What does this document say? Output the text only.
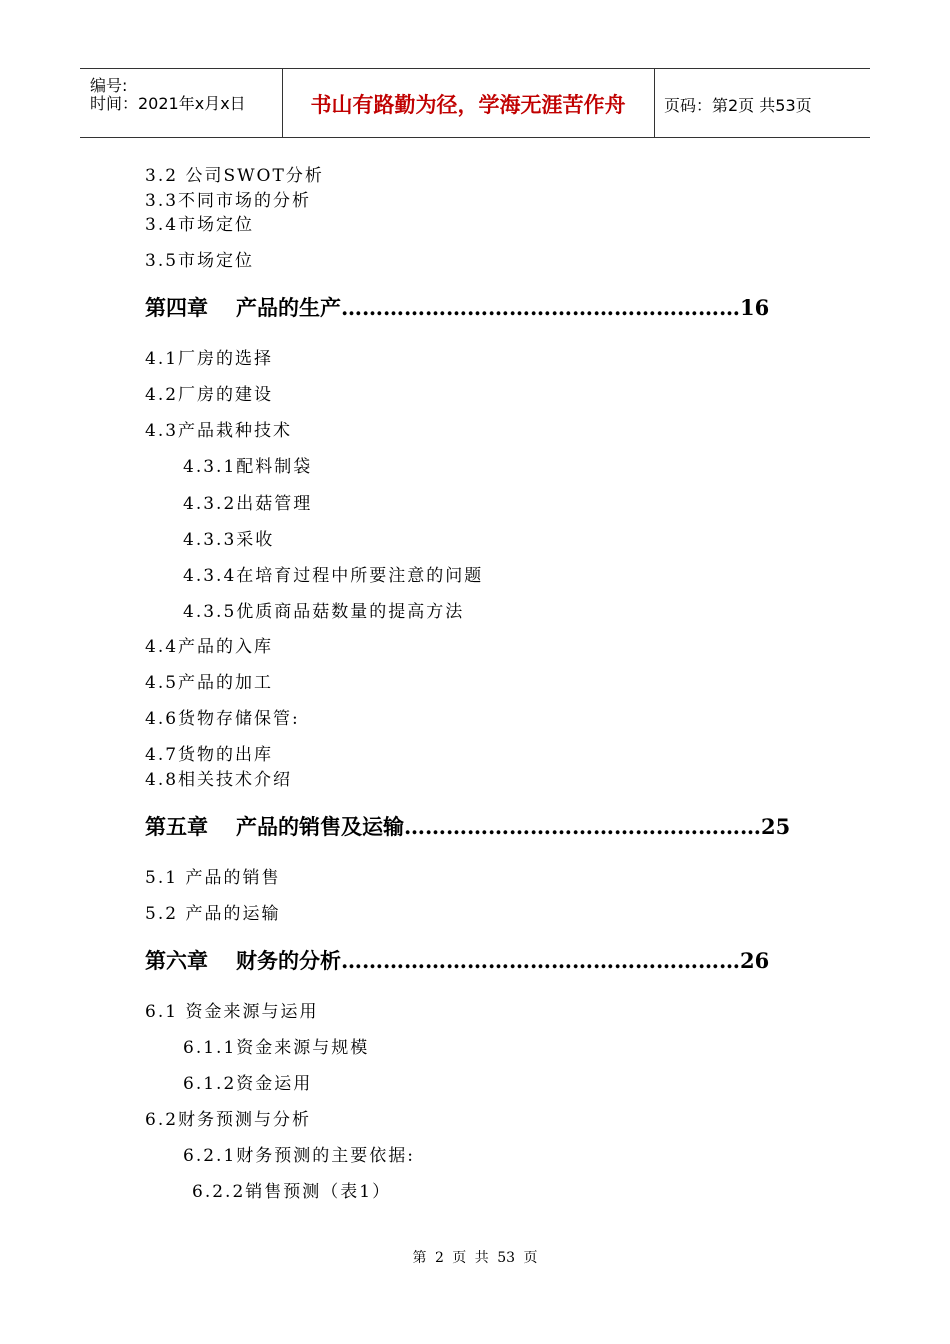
编号:
时间：2021年x月x日	书山有路勤为径，学海无涯苦作舟	页码：第2页 共53页
3.2 公司SWOT分析
3.3不同市场的分析
3.4市场定位
3.5市场定位
第四章 产品的生产…………………………………………………16
4.1厂房的选择
4.2厂房的建设
4.3产品栽种技术
4.3.1配料制袋
4.3.2出菇管理
4.3.3采收
4.3.4在培育过程中所要注意的问题
4.3.5优质商品菇数量的提高方法
4.4产品的入库
4.5产品的加工
4.6货物存储保管:
4.7货物的出库
4.8相关技术介绍
第五章 产品的销售及运输……………………………………………25
5.1 产品的销售
5.2 产品的运输
第六章 财务的分析…………………………………………………26
6.1 资金来源与运用
6.1.1资金来源与规模
6.1.2资金运用
6.2财务预测与分析
6.2.1财务预测的主要依据:
6.2.2销售预测（表1）
第 2 页 共 53 页
